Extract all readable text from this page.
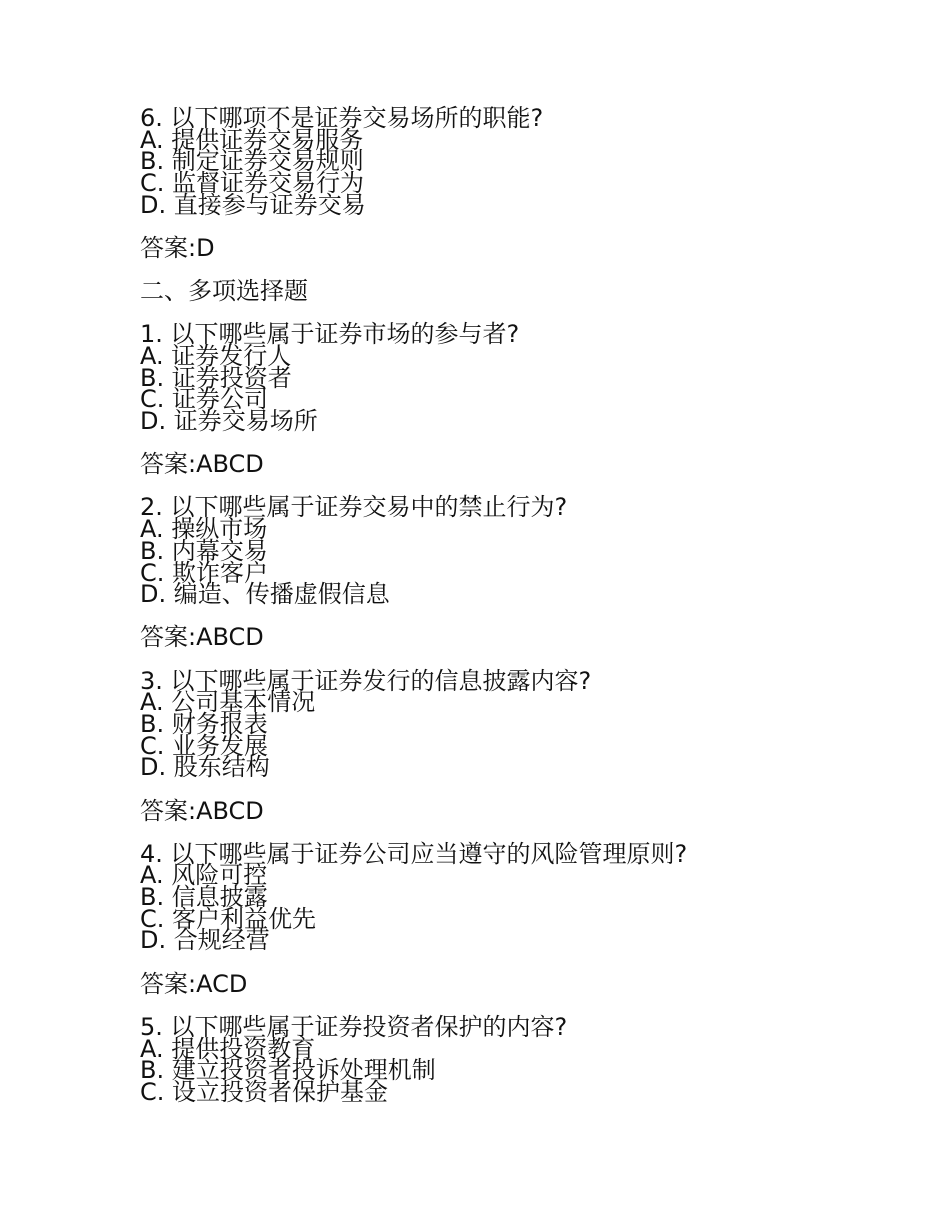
6. 以下哪项不是证券交易场所的职能?
A. 提供证券交易服务
B. 制定证券交易规则
C. 监督证券交易行为
D. 直接参与证券交易
答案:D
二、多项选择题
1. 以下哪些属于证券市场的参与者?
A. 证券发行人
B. 证券投资者
C. 证券公司
D. 证券交易场所
答案:ABCD
2. 以下哪些属于证券交易中的禁止行为?
A. 操纵市场
B. 内幕交易
C. 欺诈客户
D. 编造、传播虚假信息
答案:ABCD
3. 以下哪些属于证券发行的信息披露内容?
A. 公司基本情况
B. 财务报表
C. 业务发展
D. 股东结构
答案:ABCD
4. 以下哪些属于证券公司应当遵守的风险管理原则?
A. 风险可控
B. 信息披露
C. 客户利益优先
D. 合规经营
答案:ACD
5. 以下哪些属于证券投资者保护的内容?
A. 提供投资教育
B. 建立投资者投诉处理机制
C. 设立投资者保护基金
